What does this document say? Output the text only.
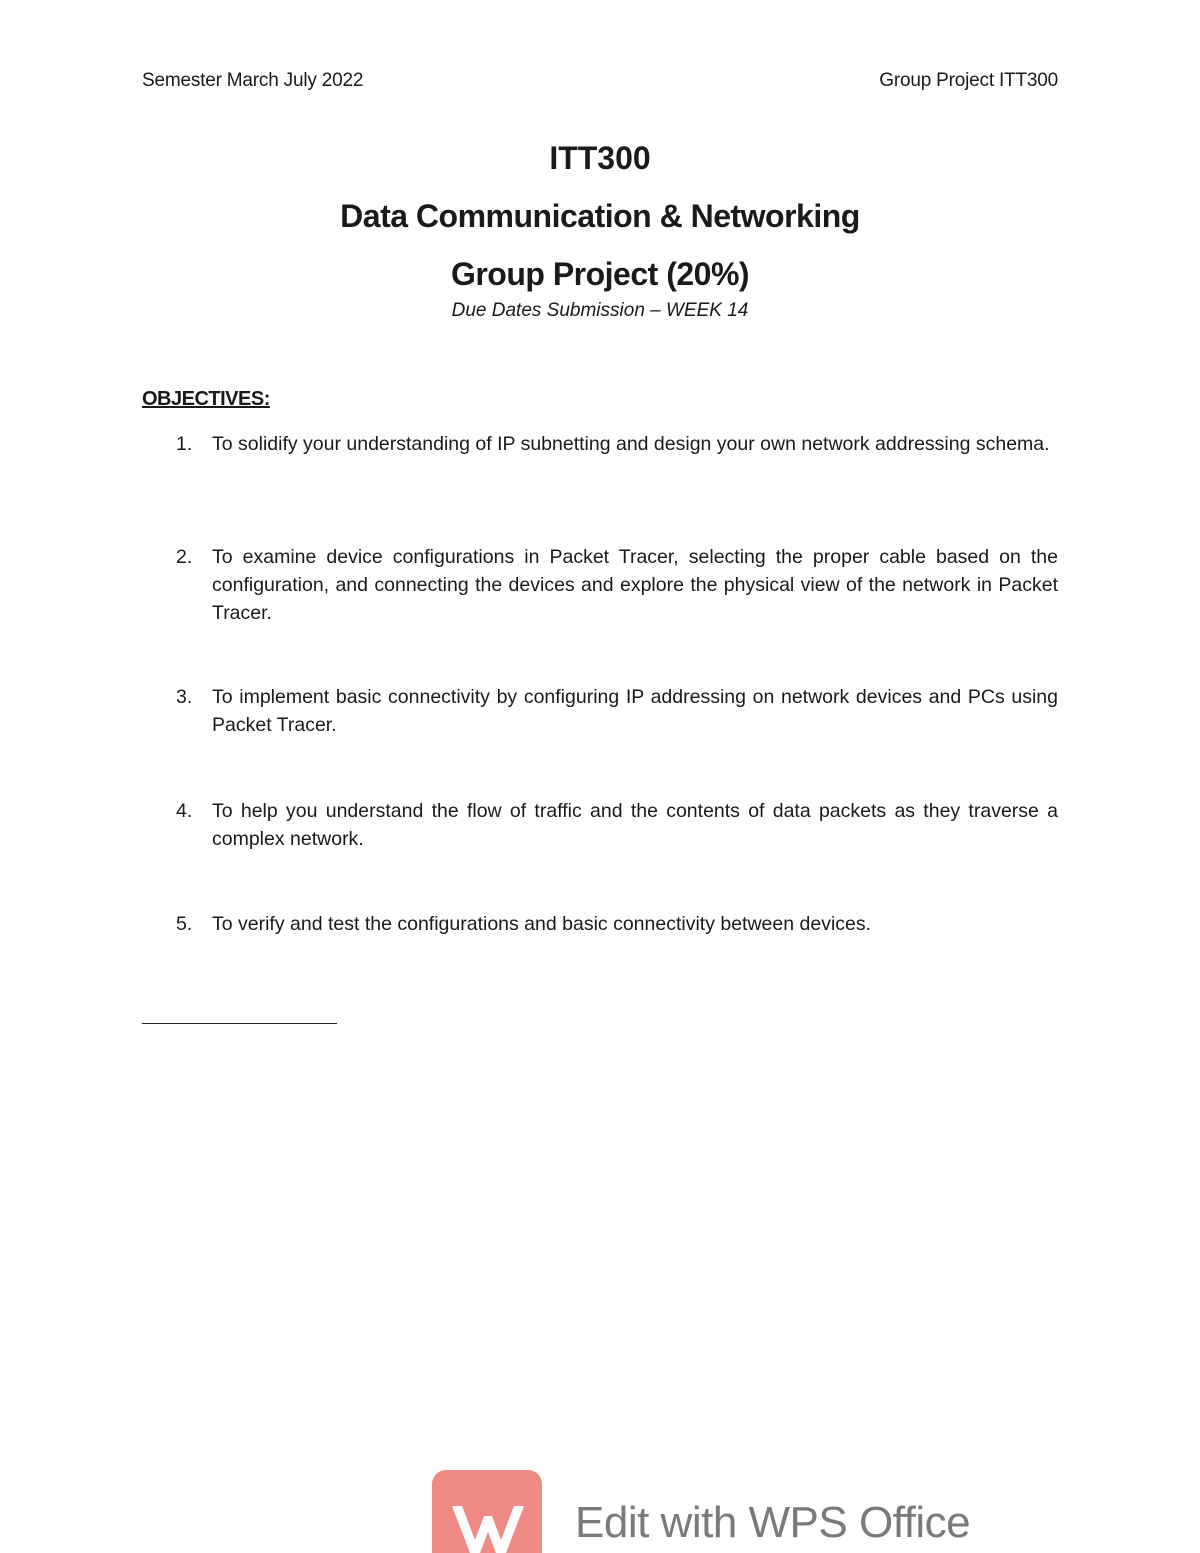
Semester March July 2022	Group Project ITT300
ITT300
Data Communication & Networking
Group Project (20%)
Due Dates Submission – WEEK 14
OBJECTIVES:
1. To solidify your understanding of IP subnetting and design your own network addressing schema.
2. To examine device configurations in Packet Tracer, selecting the proper cable based on the configuration, and connecting the devices and explore the physical view of the network in Packet Tracer.
3. To implement basic connectivity by configuring IP addressing on network devices and PCs using Packet Tracer.
4. To help you understand the flow of traffic and the contents of data packets as they traverse a complex network.
5. To verify and test the configurations and basic connectivity between devices.
Edit with WPS Office
